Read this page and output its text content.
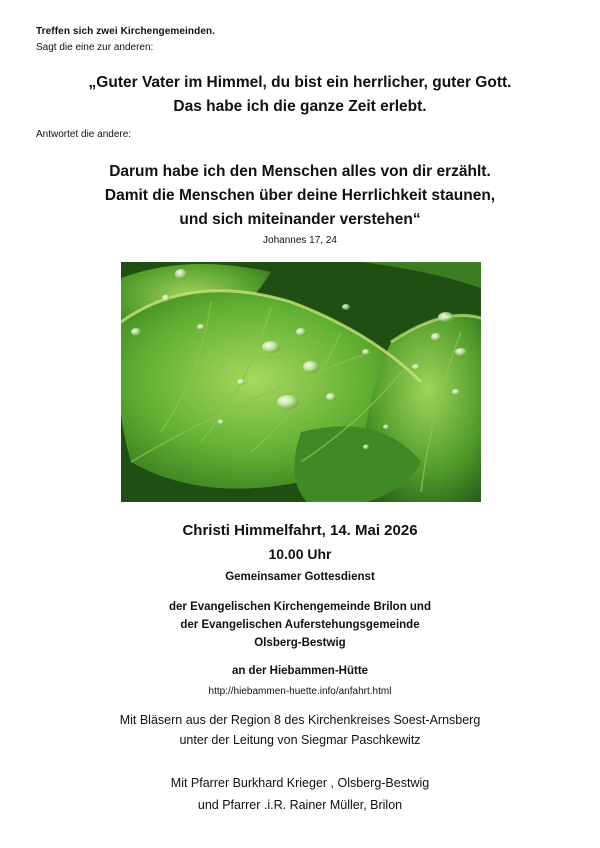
Treffen sich zwei Kirchengemeinden.
Sagt die eine zur anderen:
„Guter Vater im Himmel, du bist ein herrlicher, guter Gott.
Das habe ich die ganze Zeit erlebt.
Antwortet die andere:
Darum habe ich den Menschen alles von dir erzählt.
Damit die Menschen über deine Herrlichkeit staunen,
und sich miteinander verstehen“
Johannes 17, 24
Christi Himmelfahrt, 14. Mai 2026
10.00 Uhr
Gemeinsamer Gottesdienst
der Evangelischen Kirchengemeinde Brilon und
der Evangelischen Auferstehungsgemeinde
Olsberg-Bestwig
an der Hiebammen-Hütte
http://hiebammen-huette.info/anfahrt.html
Mit Bläsern aus der Region 8 des Kirchenkreises Soest-Arnsberg
unter der Leitung von Siegmar Paschkewitz
Mit Pfarrer Burkhard Krieger , Olsberg-Bestwig
und Pfarrer .i.R. Rainer Müller, Brilon
